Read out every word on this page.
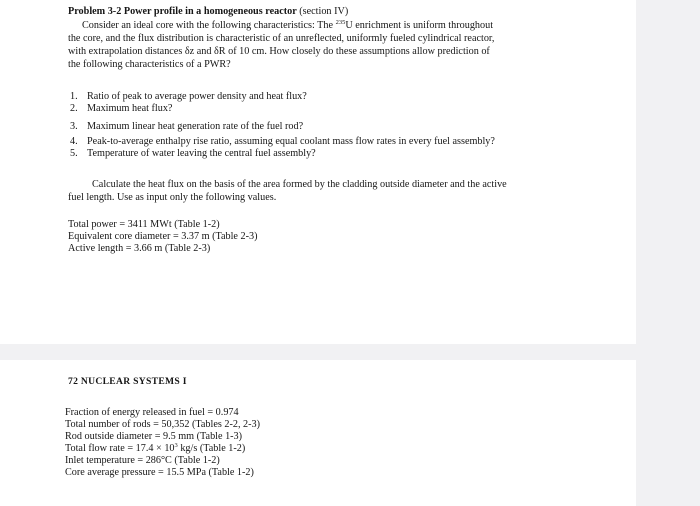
Problem 3-2 Power profile in a homogeneous reactor (section IV)
Consider an ideal core with the following characteristics: The $^{235}$U enrichment is uniform throughout
the core, and the flux distribution is characteristic of an unreflected, uniformly fueled cylindrical reactor,
with extrapolation distances δz and δR of 10 cm. How closely do these assumptions allow prediction of
the following characteristics of a PWR?
1. Ratio of peak to average power density and heat flux?
2. Maximum heat flux?
3. Maximum linear heat generation rate of the fuel rod?
4. Peak-to-average enthalpy rise ratio, assuming equal coolant mass flow rates in every fuel assembly?
5. Temperature of water leaving the central fuel assembly?
Calculate the heat flux on the basis of the area formed by the cladding outside diameter and the active
fuel length. Use as input only the following values.
Total power = 3411 MWt (Table 1-2)
Equivalent core diameter = 3.37 m (Table 2-3)
Active length = 3.66 m (Table 2-3)
72 NUCLEAR SYSTEMS I
Fraction of energy released in fuel = 0.974
Total number of rods = 50,352 (Tables 2-2, 2-3)
Rod outside diameter = 9.5 mm (Table 1-3)
Total flow rate = $17.4 \times 10^3$ kg/s (Table 1-2)
Inlet temperature = 286°C (Table 1-2)
Core average pressure = 15.5 MPa (Table 1-2)
